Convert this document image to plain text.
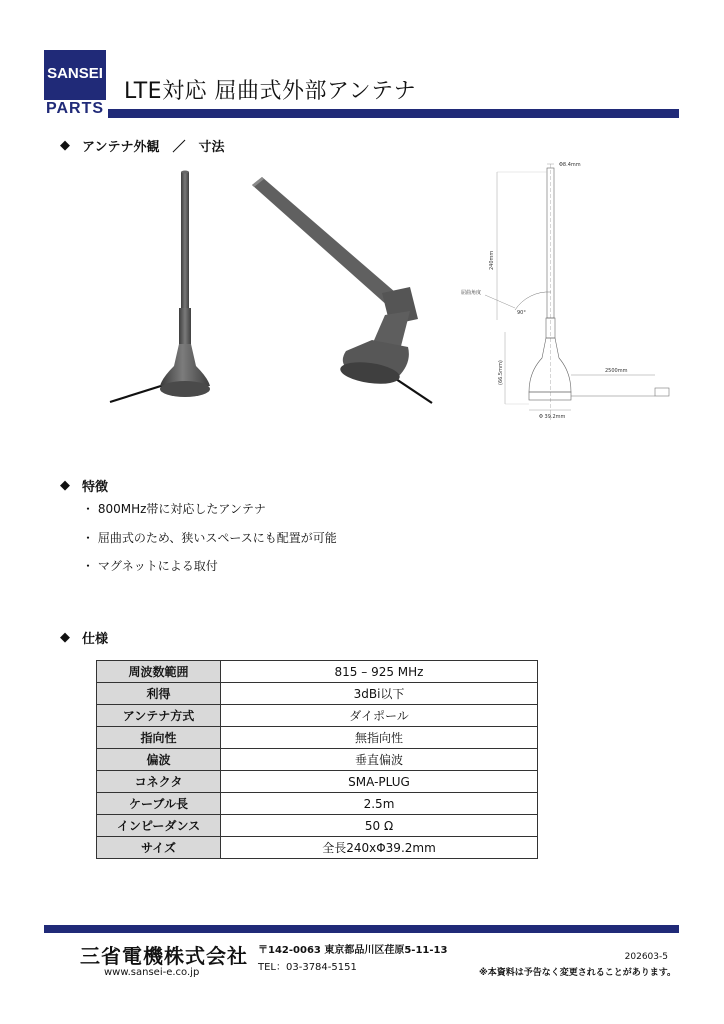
SANSEI
PARTS
LTE対応 屈曲式外部アンテナ
◆ アンテナ外観　／　寸法
Φ8.4mm
240mm
屈曲角度
90°
(66.5mm)	2500mm
Φ 39.2mm
◆ 特徴
・ 800MHz帯に対応したアンテナ
・ 屈曲式のため、狭いスペースにも配置が可能
・ マグネットによる取付
◆ 仕様
周波数範囲	815 – 925 MHz
利得	3dBi以下
アンテナ方式	ダイポール
指向性	無指向性
偏波	垂直偏波
コネクタ	SMA-PLUG
ケーブル長	2.5m
インピーダンス	50 Ω
サイズ	全長240xΦ39.2mm
三省電機株式会社
www.sansei-e.co.jp
〒142-0063 東京都品川区荏原5-11-13
TEL：03-3784-5151
202603-5
※本資料は予告なく変更されることがあります。
